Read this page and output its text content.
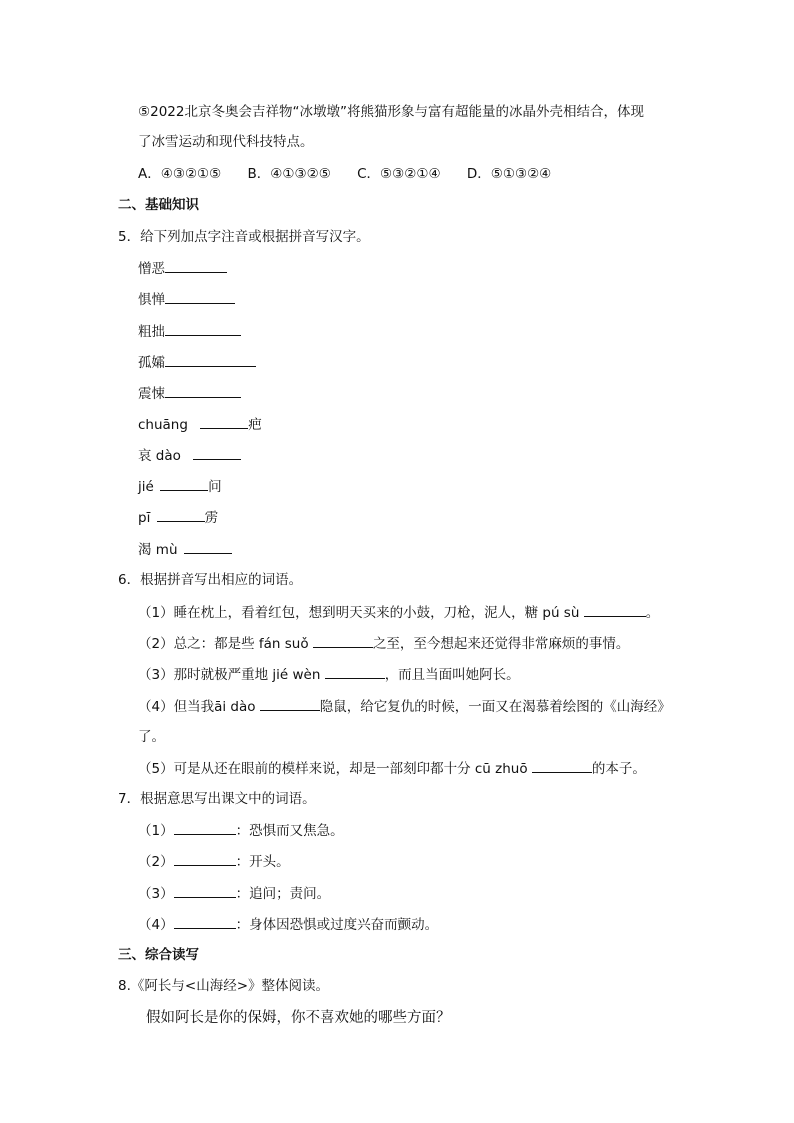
⑤2022北京冬奥会吉祥物“冰墩墩”将熊猫形象与富有超能量的冰晶外壳相结合，体现
了冰雪运动和现代科技特点。
A．④③②①⑤ B．④①③②⑤ C．⑤③②①④ D．⑤①③②④
二、基础知识
5．给下列加点字注音或根据拼音写汉字。
憎恶
惧惮
粗拙
孤孀
震悚
chuāng	疤
哀 dào
jié	问
pī	雳
渴 mù
6．根据拼音写出相应的词语。
（1）睡在枕上，看着红包，想到明天买来的小鼓，刀枪，泥人，糖 pú sù	。
（2）总之：都是些 fán suǒ	之至，至今想起来还觉得非常麻烦的事情。
（3）那时就极严重地 jié wèn	，而且当面叫她阿长。
（4）但当我āi dào	隐鼠，给它复仇的时候，一面又在渴慕着绘图的《山海经》
了。
（5）可是从还在眼前的模样来说，却是一部刻印都十分 cū zhuō	的本子。
7．根据意思写出课文中的词语。
（1）	：恐惧而又焦急。
（2）	：开头。
（3）	：追问；责问。
（4）	：身体因恐惧或过度兴奋而颤动。
三、综合读写
8.《阿长与<山海经>》整体阅读。
假如阿长是你的保姆，你不喜欢她的哪些方面？
